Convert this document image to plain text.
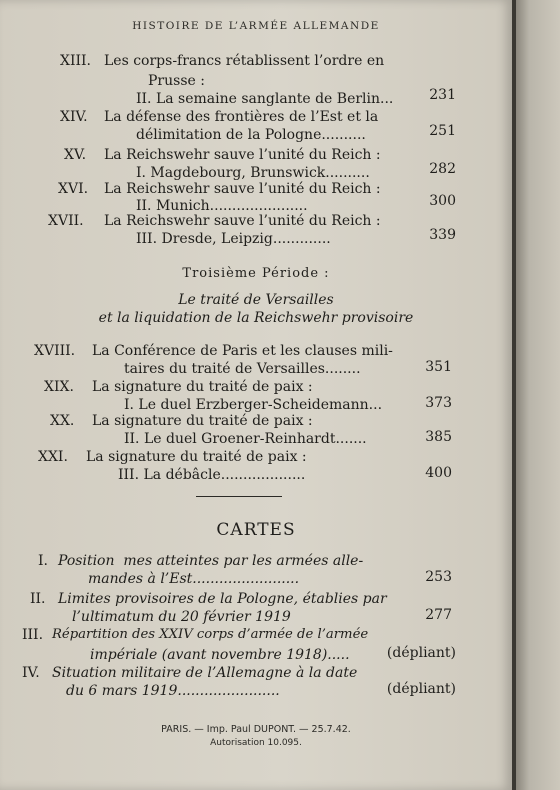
HISTOIRE DE L’ARMÉE ALLEMANDE
XIII. Les corps-francs rétablissent l’ordre en
Prusse :
II. La semaine sanglante de Berlin...	231
XIV. La défense des frontières de l’Est et la
délimitation de la Pologne..........	251
XV. La Reichswehr sauve l’unité du Reich :
I. Magdebourg, Brunswick..........	282
XVI. La Reichswehr sauve l’unité du Reich :
II. Munich......................	300
XVII. La Reichswehr sauve l’unité du Reich :
III. Dresde, Leipzig.............	339
Troisième Période :
Le traité de Versailles
et la liquidation de la Reichswehr provisoire
XVIII. La Conférence de Paris et les clauses mili-
taires du traité de Versailles........	351
XIX. La signature du traité de paix :
I. Le duel Erzberger-Scheidemann...	373
XX. La signature du traité de paix :
II. Le duel Groener-Reinhardt.......	385
XXI. La signature du traité de paix :
III. La débâcle...................	400
CARTES
I. Position ‌ ‌mes atteintes par les armées alle-
mandes à l’Est........................	253
II. Limites provisoires de la Pologne, établies par
l’ultimatum du 20 février 1919	277
III. Répartition des XXIV corps d’armée de l’armée
impériale (avant novembre 1918).....	(dépliant)
IV. Situation militaire de l’Allemagne à la date
du 6 mars 1919.......................	(dépliant)
PARIS. — Imp. Paul DUPONT. — 25.7.42.
Autorisation 10.095.
